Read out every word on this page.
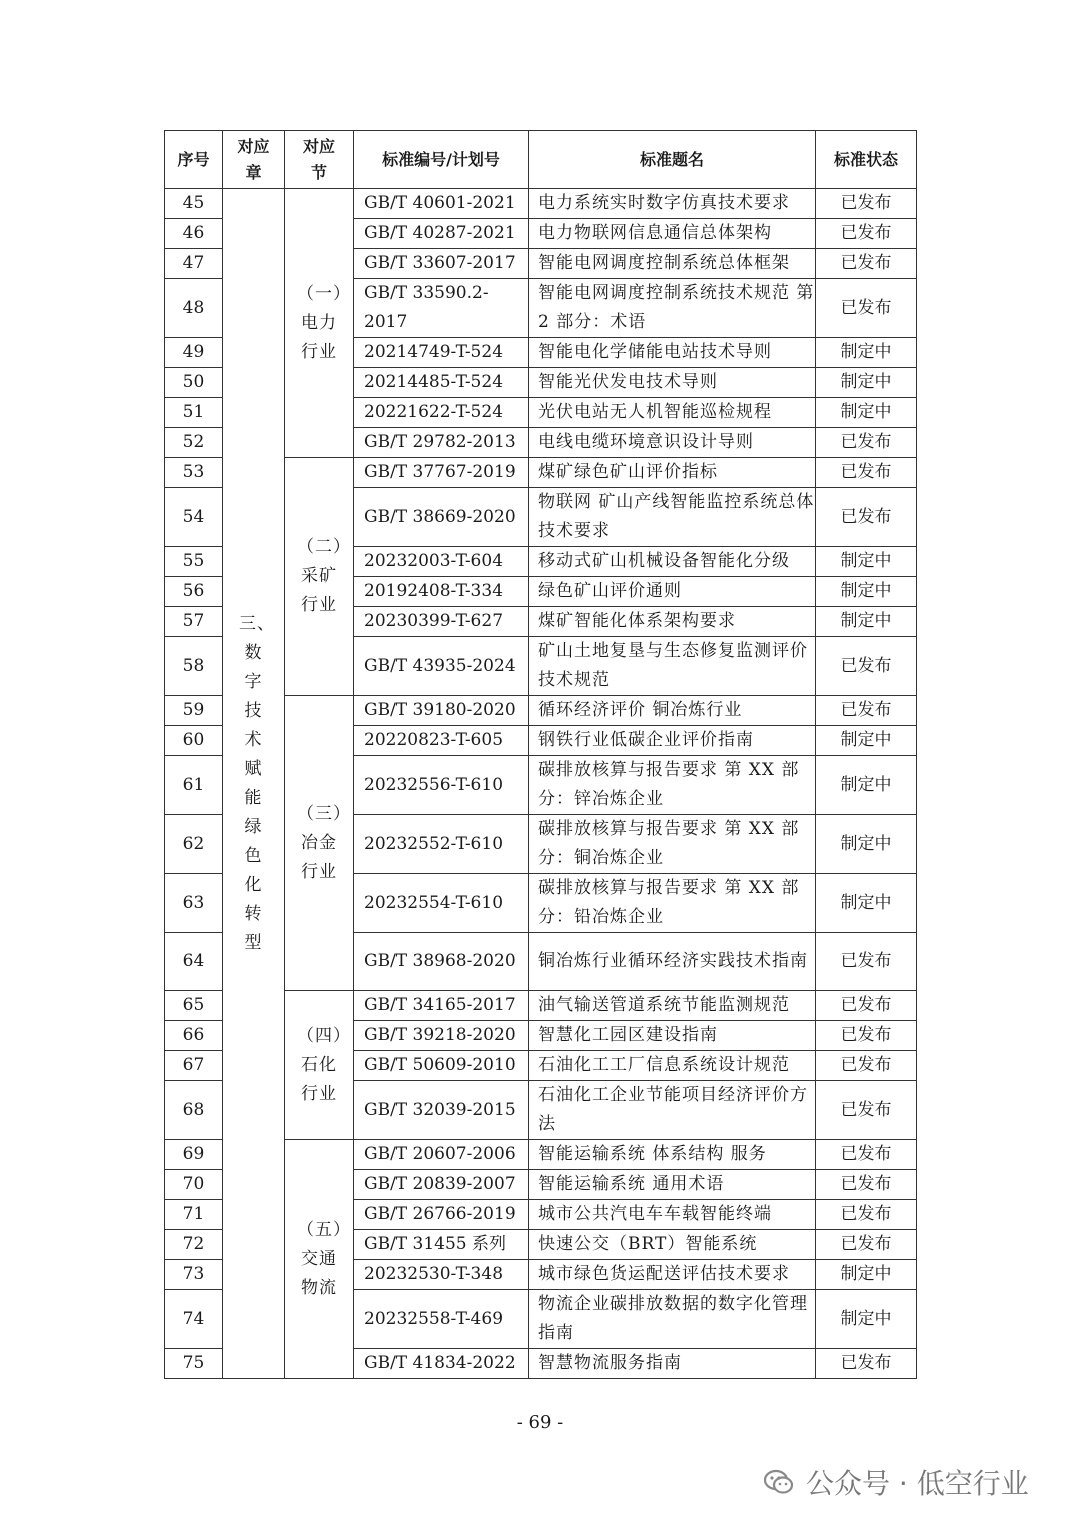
序号	对应章	对应节	标准编号/计划号	标准题名	标准状态
45	三、数字技术赋能绿色化转型	（一）电力行业	GB/T 40601-2021	电力系统实时数字仿真技术要求	已发布
46			GB/T 40287-2021	电力物联网信息通信总体架构	已发布
47			GB/T 33607-2017	智能电网调度控制系统总体框架	已发布
48			GB/T 33590.2-2017	智能电网调度控制系统技术规范 第 2 部分：术语	已发布
49			20214749-T-524	智能电化学储能电站技术导则	制定中
50			20214485-T-524	智能光伏发电技术导则	制定中
51			20221622-T-524	光伏电站无人机智能巡检规程	制定中
52			GB/T 29782-2013	电线电缆环境意识设计导则	已发布
53		（二）采矿行业	GB/T 37767-2019	煤矿绿色矿山评价指标	已发布
54			GB/T 38669-2020	物联网 矿山产线智能监控系统总体技术要求	已发布
55			20232003-T-604	移动式矿山机械设备智能化分级	制定中
56			20192408-T-334	绿色矿山评价通则	制定中
57			20230399-T-627	煤矿智能化体系架构要求	制定中
58			GB/T 43935-2024	矿山土地复垦与生态修复监测评价技术规范	已发布
59		（三）冶金行业	GB/T 39180-2020	循环经济评价 铜冶炼行业	已发布
60			20220823-T-605	钢铁行业低碳企业评价指南	制定中
61			20232556-T-610	碳排放核算与报告要求 第 XX 部分：锌冶炼企业	制定中
62			20232552-T-610	碳排放核算与报告要求 第 XX 部分：铜冶炼企业	制定中
63			20232554-T-610	碳排放核算与报告要求 第 XX 部分：铅冶炼企业	制定中
64			GB/T 38968-2020	铜冶炼行业循环经济实践技术指南	已发布
65		（四）石化行业	GB/T 34165-2017	油气输送管道系统节能监测规范	已发布
66			GB/T 39218-2020	智慧化工园区建设指南	已发布
67			GB/T 50609-2010	石油化工工厂信息系统设计规范	已发布
68			GB/T 32039-2015	石油化工企业节能项目经济评价方法	已发布
69		（五）交通物流	GB/T 20607-2006	智能运输系统 体系结构 服务	已发布
70			GB/T 20839-2007	智能运输系统 通用术语	已发布
71			GB/T 26766-2019	城市公共汽电车车载智能终端	已发布
72			GB/T 31455 系列	快速公交（BRT）智能系统	已发布
73			20232530-T-348	城市绿色货运配送评估技术要求	制定中
74			20232558-T-469	物流企业碳排放数据的数字化管理指南	制定中
75			GB/T 41834-2022	智慧物流服务指南	已发布
- 69 -
公众号 · 低空行业
